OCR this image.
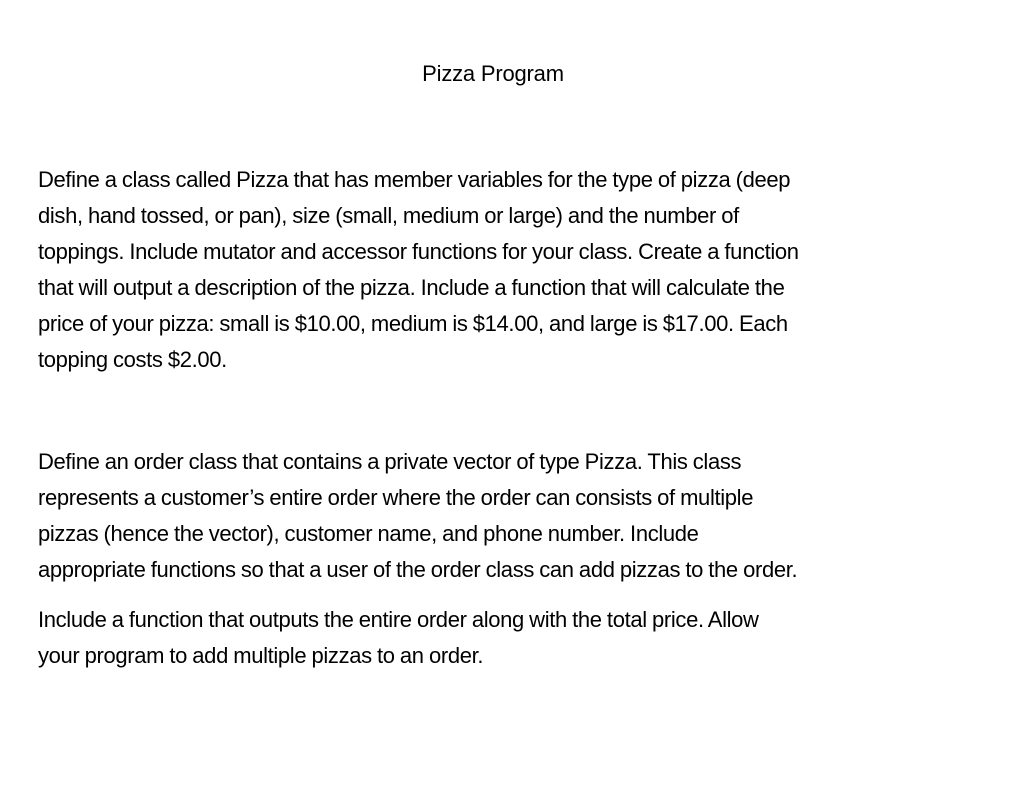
Pizza Program

Define a class called Pizza that has member variables for the type of pizza (deep
dish, hand tossed, or pan), size (small, medium or large) and the number of
toppings. Include mutator and accessor functions for your class. Create a function
that will output a description of the pizza. Include a function that will calculate the
price of your pizza: small is $10.00, medium is $14.00, and large is $17.00. Each
topping costs $2.00.

Define an order class that contains a private vector of type Pizza. This class
represents a customer’s entire order where the order can consists of multiple
pizzas (hence the vector), customer name, and phone number. Include
appropriate functions so that a user of the order class can add pizzas to the order.

Include a function that outputs the entire order along with the total price. Allow
your program to add multiple pizzas to an order.
